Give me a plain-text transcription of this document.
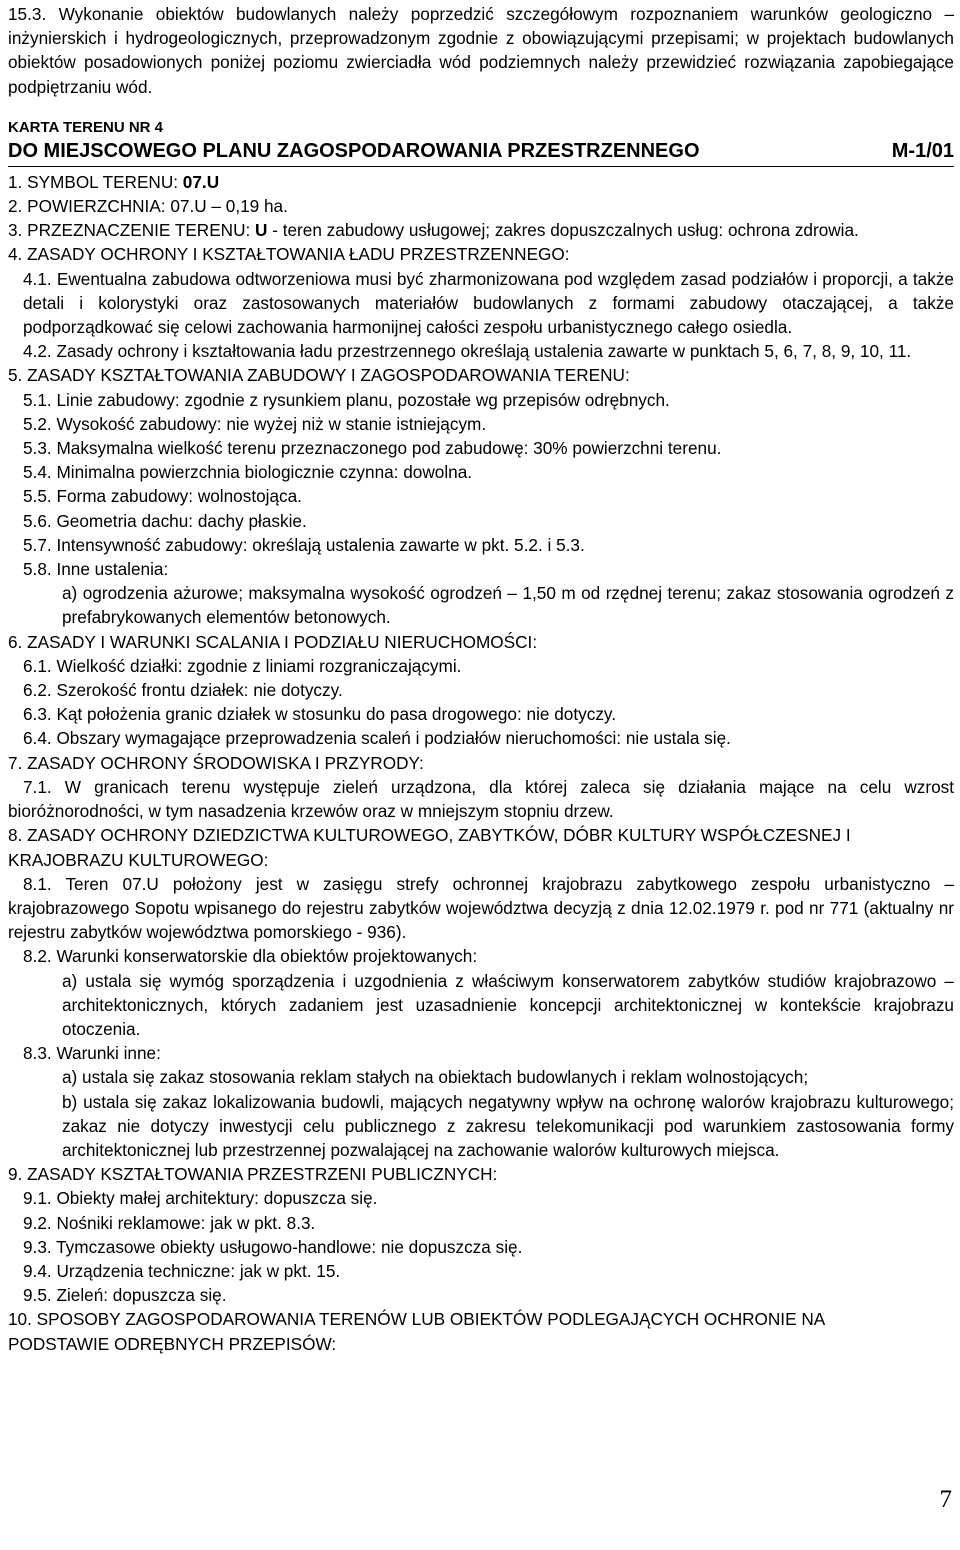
15.3. Wykonanie obiektów budowlanych należy poprzedzić szczegółowym rozpoznaniem warunków geologiczno – inżynierskich i hydrogeologicznych, przeprowadzonym zgodnie z obowiązującymi przepisami; w projektach budowlanych obiektów posadowionych poniżej poziomu zwierciadła wód podziemnych należy przewidzieć rozwiązania zapobiegające podpiętrzaniu wód.

KARTA TERENU NR 4

DO MIEJSCOWEGO PLANU ZAGOSPODAROWANIA PRZESTRZENNEGO	M-1/01

1. SYMBOL TERENU: 07.U

2. POWIERZCHNIA: 07.U – 0,19 ha.

3. PRZEZNACZENIE TERENU: U - teren zabudowy usługowej; zakres dopuszczalnych usług: ochrona zdrowia.

4. ZASADY OCHRONY I KSZTAŁTOWANIA ŁADU PRZESTRZENNEGO:

4.1. Ewentualna zabudowa odtworzeniowa musi być zharmonizowana pod względem zasad podziałów i proporcji, a także detali i kolorystyki oraz zastosowanych materiałów budowlanych z formami zabudowy otaczającej, a także podporządkować się celowi zachowania harmonijnej całości zespołu urbanistycznego całego osiedla.

4.2. Zasady ochrony i kształtowania ładu przestrzennego określają ustalenia zawarte w punktach 5, 6, 7, 8, 9, 10, 11.

5. ZASADY KSZTAŁTOWANIA ZABUDOWY I ZAGOSPODAROWANIA TERENU:

5.1. Linie zabudowy: zgodnie z rysunkiem planu, pozostałe wg przepisów odrębnych.

5.2. Wysokość zabudowy: nie wyżej niż w stanie istniejącym.

5.3. Maksymalna wielkość terenu przeznaczonego pod zabudowę: 30% powierzchni terenu.

5.4. Minimalna powierzchnia biologicznie czynna: dowolna.

5.5. Forma zabudowy: wolnostojąca.

5.6. Geometria dachu: dachy płaskie.

5.7. Intensywność zabudowy: określają ustalenia zawarte w pkt. 5.2. i 5.3.

5.8. Inne ustalenia:

a) ogrodzenia ażurowe; maksymalna wysokość ogrodzeń – 1,50 m od rzędnej terenu; zakaz stosowania ogrodzeń z prefabrykowanych elementów betonowych.

6. ZASADY I WARUNKI SCALANIA I PODZIAŁU NIERUCHOMOŚCI:

6.1. Wielkość działki: zgodnie z liniami rozgraniczającymi.

6.2. Szerokość frontu działek: nie dotyczy.

6.3. Kąt położenia granic działek w stosunku do pasa drogowego: nie dotyczy.

6.4. Obszary wymagające przeprowadzenia scaleń i podziałów nieruchomości: nie ustala się.

7. ZASADY OCHRONY ŚRODOWISKA I PRZYRODY:

7.1. W granicach terenu występuje zieleń urządzona, dla której zaleca się działania mające na celu wzrost bioróżnorodności, w tym nasadzenia krzewów oraz w mniejszym stopniu drzew.

8. ZASADY OCHRONY DZIEDZICTWA KULTUROWEGO, ZABYTKÓW, DÓBR KULTURY WSPÓŁCZESNEJ I KRAJOBRAZU KULTUROWEGO:

8.1. Teren 07.U położony jest w zasięgu strefy ochronnej krajobrazu zabytkowego zespołu urbanistyczno – krajobrazowego Sopotu wpisanego do rejestru zabytków województwa decyzją z dnia 12.02.1979 r. pod nr 771 (aktualny nr rejestru zabytków województwa pomorskiego - 936).

8.2. Warunki konserwatorskie dla obiektów projektowanych:

a) ustala się wymóg sporządzenia i uzgodnienia z właściwym konserwatorem zabytków studiów krajobrazowo – architektonicznych, których zadaniem jest uzasadnienie koncepcji architektonicznej w kontekście krajobrazu otoczenia.

8.3. Warunki inne:

a) ustala się zakaz stosowania reklam stałych na obiektach budowlanych i reklam wolnostojących;

b) ustala się zakaz lokalizowania budowli, mających negatywny wpływ na ochronę walorów krajobrazu kulturowego; zakaz nie dotyczy inwestycji celu publicznego z zakresu telekomunikacji pod warunkiem zastosowania formy architektonicznej lub przestrzennej pozwalającej na zachowanie walorów kulturowych miejsca.

9. ZASADY KSZTAŁTOWANIA PRZESTRZENI PUBLICZNYCH:

9.1. Obiekty małej architektury: dopuszcza się.

9.2. Nośniki reklamowe: jak w pkt. 8.3.

9.3. Tymczasowe obiekty usługowo-handlowe: nie dopuszcza się.

9.4. Urządzenia techniczne: jak w pkt. 15.

9.5. Zieleń: dopuszcza się.

10. SPOSOBY ZAGOSPODAROWANIA TERENÓW LUB OBIEKTÓW PODLEGAJĄCYCH OCHRONIE NA PODSTAWIE ODRĘBNYCH PRZEPISÓW:

7
